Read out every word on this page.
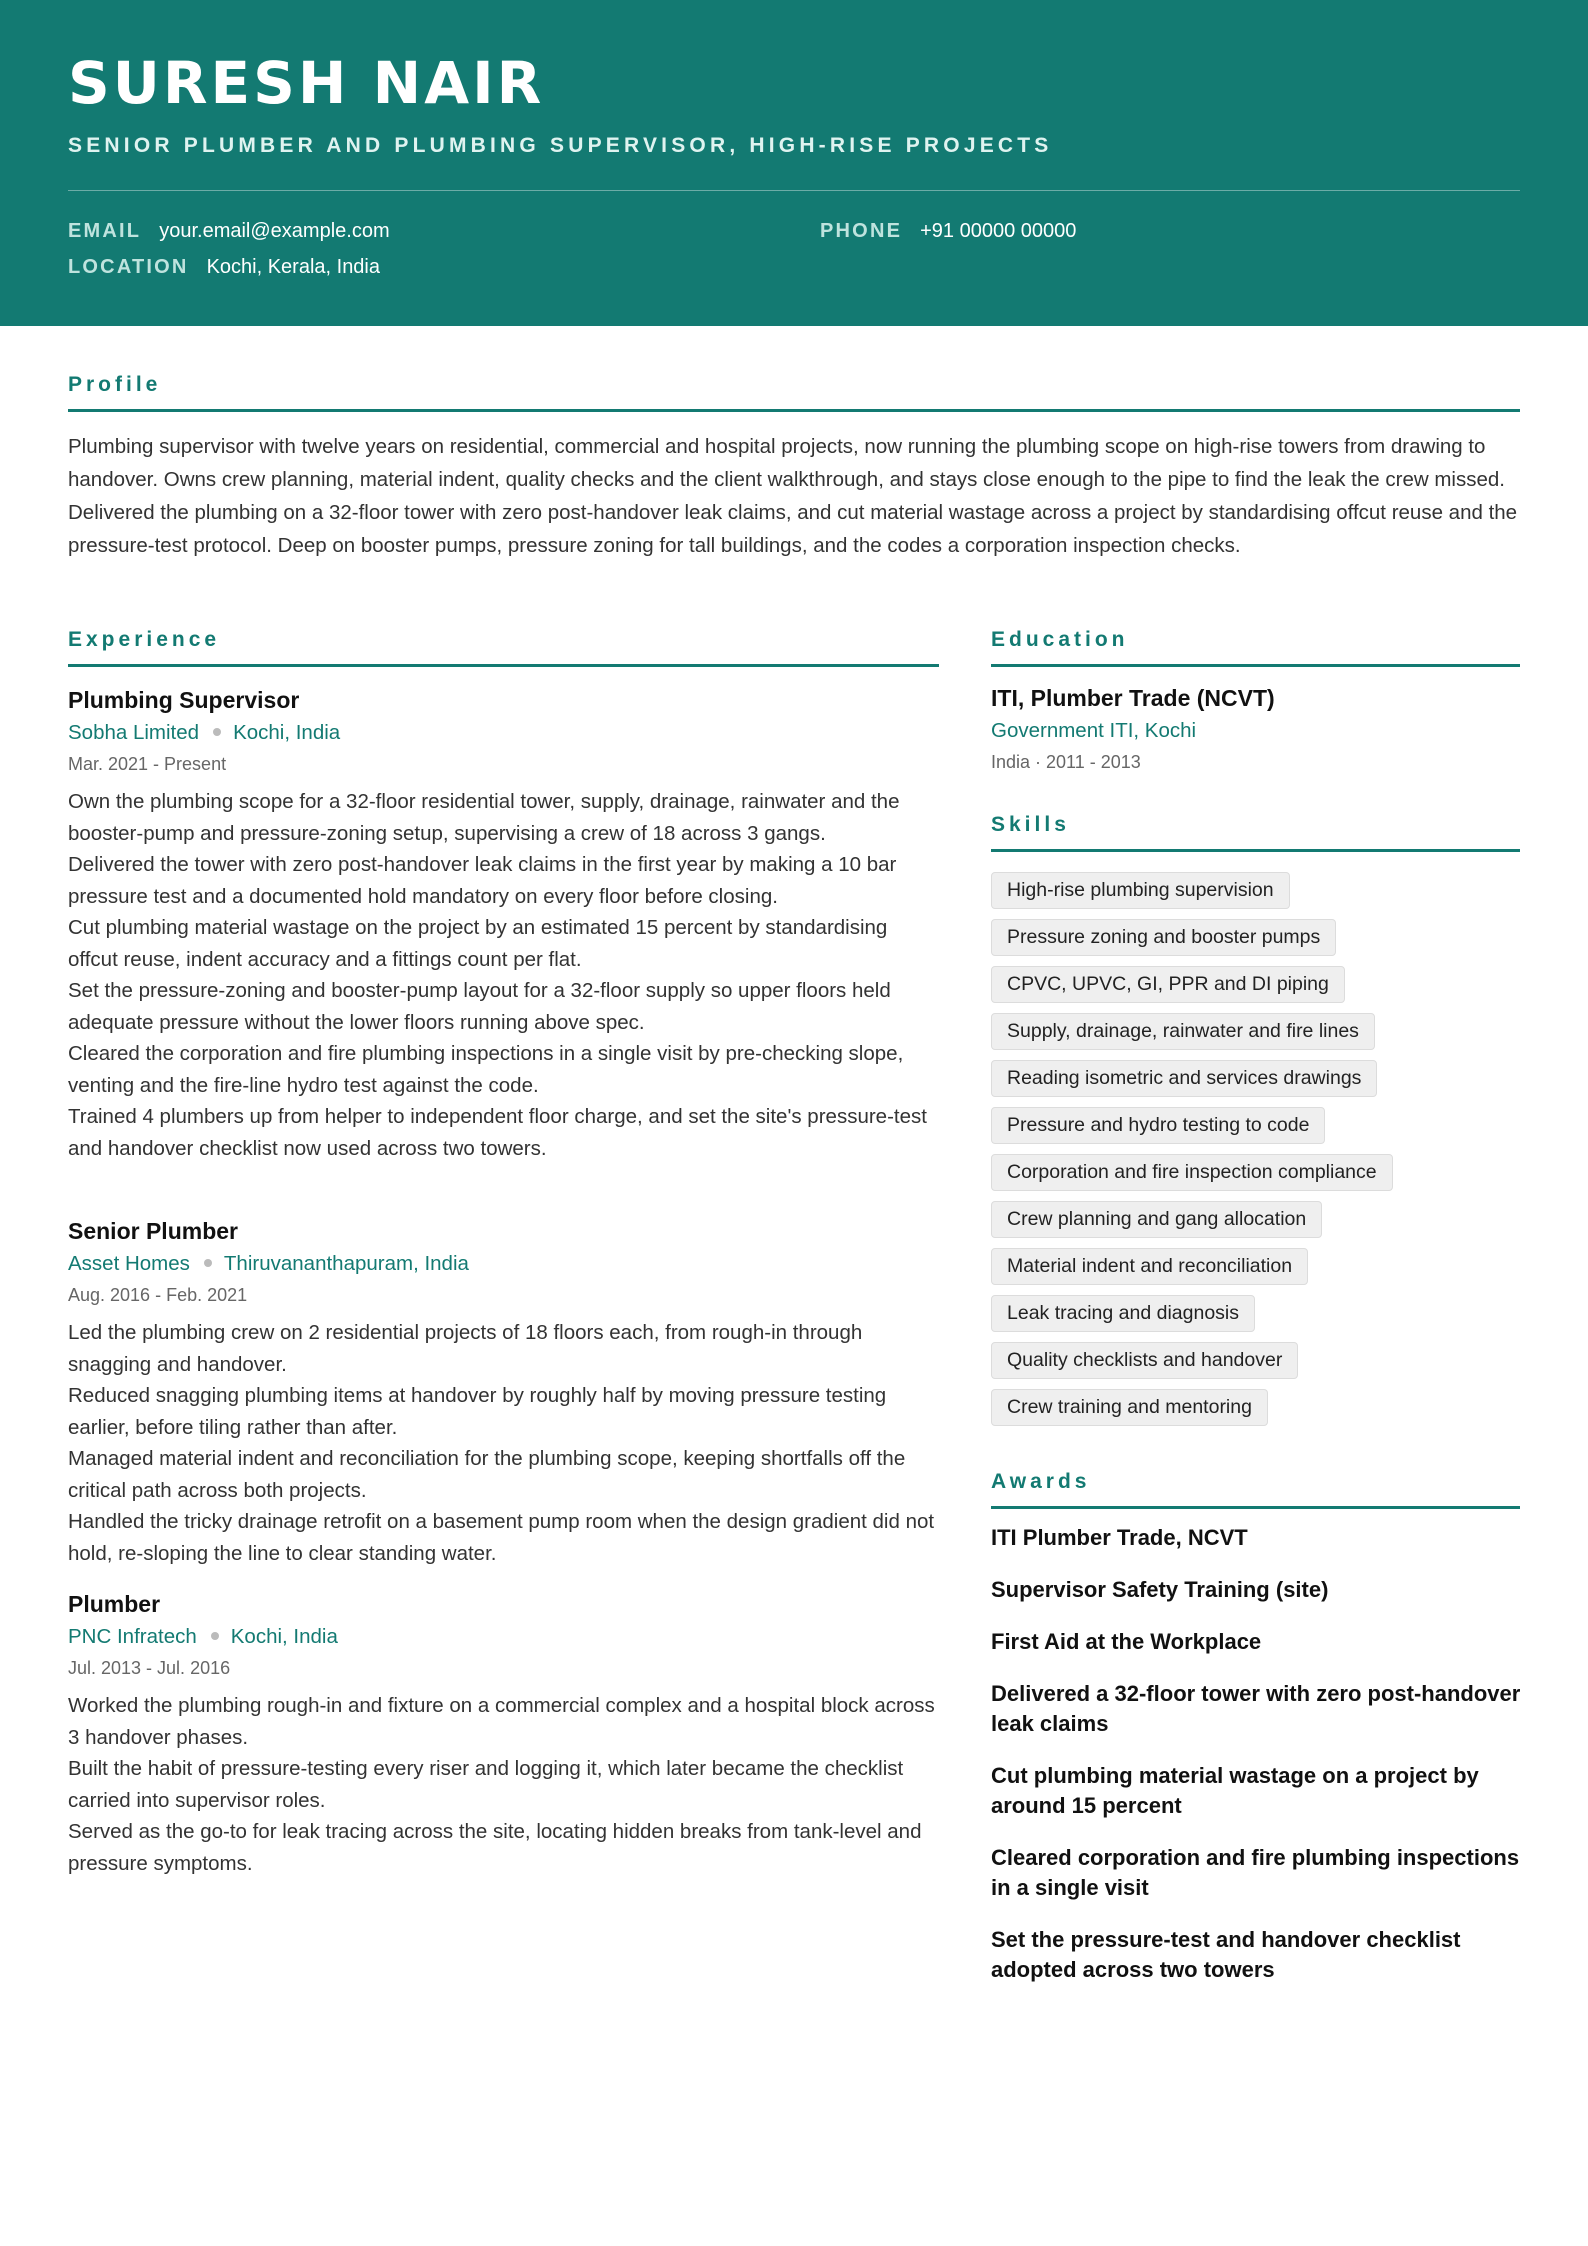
SURESH NAIR
SENIOR PLUMBER AND PLUMBING SUPERVISOR, HIGH-RISE PROJECTS
EMAIL your.email@example.com	PHONE +91 00000 00000
LOCATION Kochi, Kerala, India
Profile
Plumbing supervisor with twelve years on residential, commercial and hospital projects, now running the plumbing scope on high-rise towers from drawing to handover. Owns crew planning, material indent, quality checks and the client walkthrough, and stays close enough to the pipe to find the leak the crew missed. Delivered the plumbing on a 32-floor tower with zero post-handover leak claims, and cut material wastage across a project by standardising offcut reuse and the pressure-test protocol. Deep on booster pumps, pressure zoning for tall buildings, and the codes a corporation inspection checks.
Experience
Plumbing Supervisor
Sobha Limited Kochi, India
Mar. 2021 - Present
Own the plumbing scope for a 32-floor residential tower, supply, drainage, rainwater and the booster-pump and pressure-zoning setup, supervising a crew of 18 across 3 gangs.
Delivered the tower with zero post-handover leak claims in the first year by making a 10 bar pressure test and a documented hold mandatory on every floor before closing.
Cut plumbing material wastage on the project by an estimated 15 percent by standardising offcut reuse, indent accuracy and a fittings count per flat.
Set the pressure-zoning and booster-pump layout for a 32-floor supply so upper floors held adequate pressure without the lower floors running above spec.
Cleared the corporation and fire plumbing inspections in a single visit by pre-checking slope, venting and the fire-line hydro test against the code.
Trained 4 plumbers up from helper to independent floor charge, and set the site's pressure-test and handover checklist now used across two towers.
Senior Plumber
Asset Homes Thiruvananthapuram, India
Aug. 2016 - Feb. 2021
Led the plumbing crew on 2 residential projects of 18 floors each, from rough-in through snagging and handover.
Reduced snagging plumbing items at handover by roughly half by moving pressure testing earlier, before tiling rather than after.
Managed material indent and reconciliation for the plumbing scope, keeping shortfalls off the critical path across both projects.
Handled the tricky drainage retrofit on a basement pump room when the design gradient did not hold, re-sloping the line to clear standing water.
Plumber
PNC Infratech Kochi, India
Jul. 2013 - Jul. 2016
Worked the plumbing rough-in and fixture on a commercial complex and a hospital block across 3 handover phases.
Built the habit of pressure-testing every riser and logging it, which later became the checklist carried into supervisor roles.
Served as the go-to for leak tracing across the site, locating hidden breaks from tank-level and pressure symptoms.
Education
ITI, Plumber Trade (NCVT)
Government ITI, Kochi
India · 2011 - 2013
Skills
High-rise plumbing supervision
Pressure zoning and booster pumps
CPVC, UPVC, GI, PPR and DI piping
Supply, drainage, rainwater and fire lines
Reading isometric and services drawings
Pressure and hydro testing to code
Corporation and fire inspection compliance
Crew planning and gang allocation
Material indent and reconciliation
Leak tracing and diagnosis
Quality checklists and handover
Crew training and mentoring
Awards
ITI Plumber Trade, NCVT
Supervisor Safety Training (site)
First Aid at the Workplace
Delivered a 32-floor tower with zero post-handover leak claims
Cut plumbing material wastage on a project by around 15 percent
Cleared corporation and fire plumbing inspections in a single visit
Set the pressure-test and handover checklist adopted across two towers
